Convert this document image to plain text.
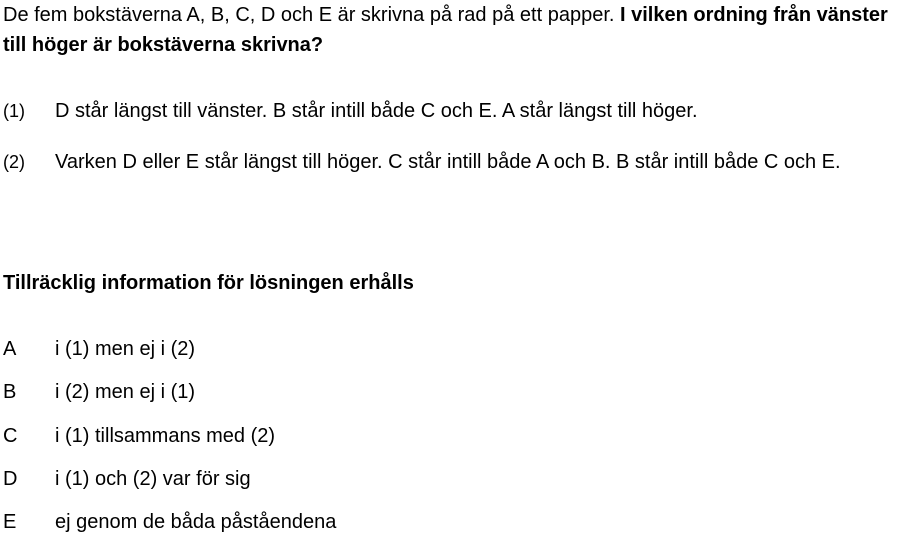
De fem bokstäverna A, B, C, D och E är skrivna på rad på ett papper. I vilken ordning från vänster till höger är bokstäverna skrivna?
(1)	D står längst till vänster. B står intill både C och E. A står längst till höger.
(2)	Varken D eller E står längst till höger. C står intill både A och B. B står intill både C och E.
Tillräcklig information för lösningen erhålls
A	i (1) men ej i (2)
B	i (2) men ej i (1)
C	i (1) tillsammans med (2)
D	i (1) och (2) var för sig
E	ej genom de båda påståendena
